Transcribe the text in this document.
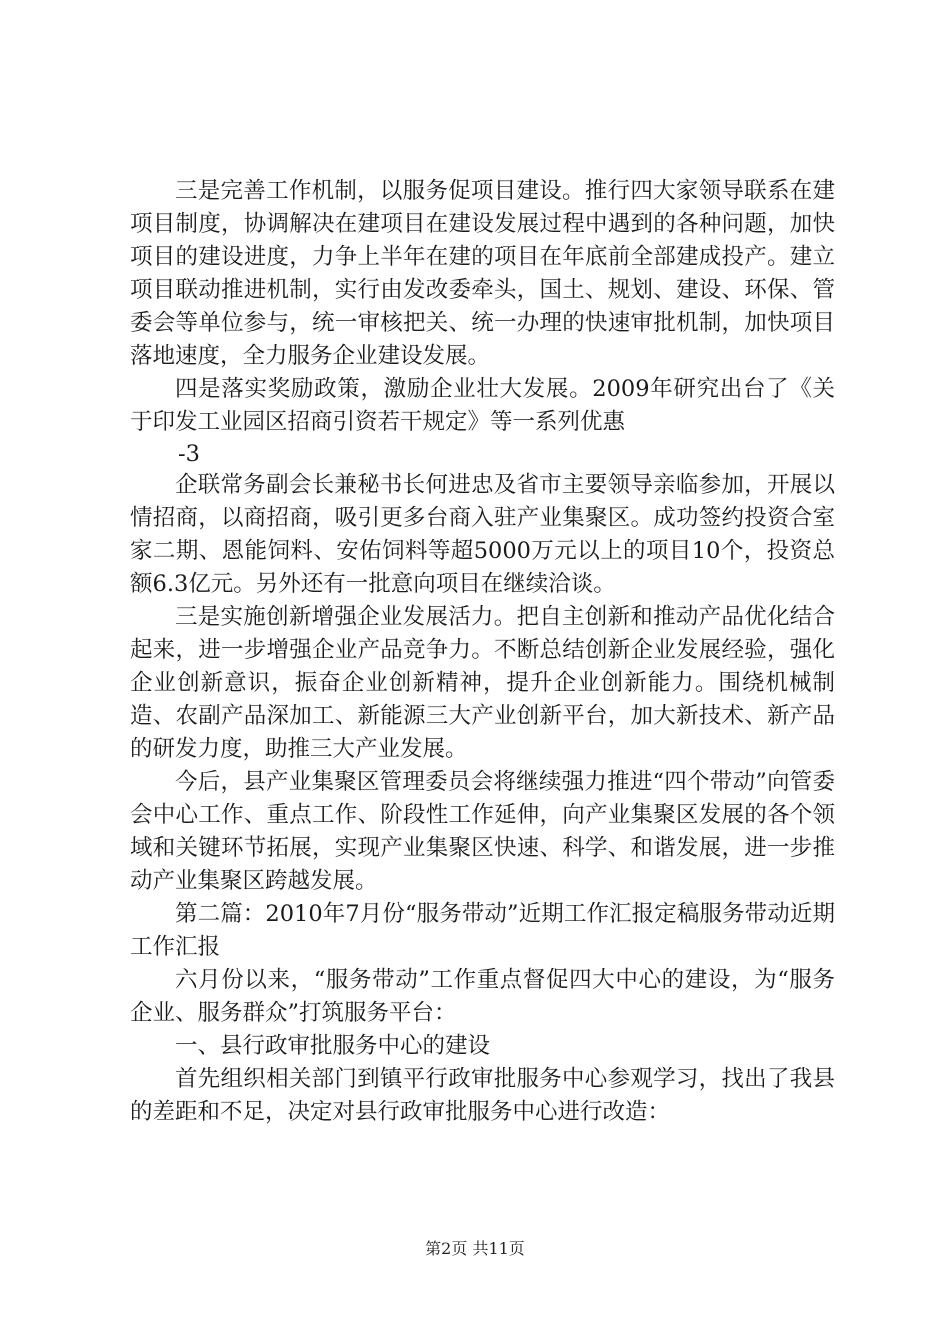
三是完善工作机制，以服务促项目建设。推行四大家领导联系在建项目制度，协调解决在建项目在建设发展过程中遇到的各种问题，加快项目的建设进度，力争上半年在建的项目在年底前全部建成投产。建立项目联动推进机制，实行由发改委牵头，国土、规划、建设、环保、管委会等单位参与，统一审核把关、统一办理的快速审批机制，加快项目落地速度，全力服务企业建设发展。

四是落实奖励政策，激励企业壮大发展。2009年研究出台了《关于印发工业园区招商引资若干规定》等一系列优惠

-3

企联常务副会长兼秘书长何进忠及省市主要领导亲临参加，开展以情招商，以商招商，吸引更多台商入驻产业集聚区。成功签约投资合室家二期、恩能饲料、安佑饲料等超5000万元以上的项目10个，投资总额6.3亿元。另外还有一批意向项目在继续洽谈。

三是实施创新增强企业发展活力。把自主创新和推动产品优化结合起来，进一步增强企业产品竞争力。不断总结创新企业发展经验，强化企业创新意识，振奋企业创新精神，提升企业创新能力。围绕机械制造、农副产品深加工、新能源三大产业创新平台，加大新技术、新产品的研发力度，助推三大产业发展。

今后，县产业集聚区管理委员会将继续强力推进“四个带动”向管委会中心工作、重点工作、阶段性工作延伸，向产业集聚区发展的各个领域和关键环节拓展，实现产业集聚区快速、科学、和谐发展，进一步推动产业集聚区跨越发展。

第二篇：2010年7月份“服务带动”近期工作汇报定稿服务带动近期工作汇报

六月份以来，“服务带动”工作重点督促四大中心的建设，为“服务企业、服务群众”打筑服务平台：

一、县行政审批服务中心的建设

首先组织相关部门到镇平行政审批服务中心参观学习，找出了我县的差距和不足，决定对县行政审批服务中心进行改造：

第2页 共11页
